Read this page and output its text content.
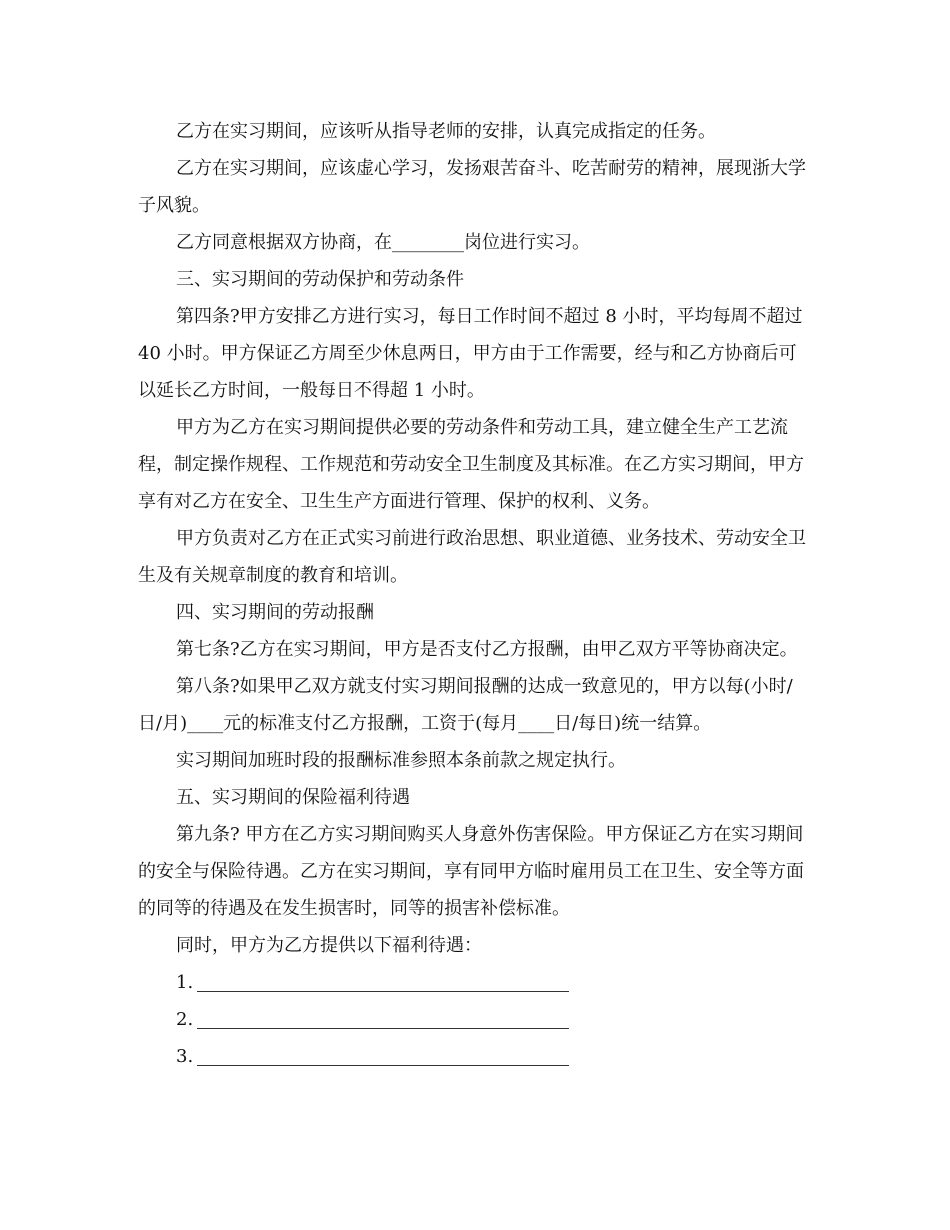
乙方在实习期间，应该听从指导老师的安排，认真完成指定的任务。

乙方在实习期间，应该虚心学习，发扬艰苦奋斗、吃苦耐劳的精神，展现浙大学子风貌。

乙方同意根据双方协商，在________岗位进行实习。

三、实习期间的劳动保护和劳动条件

第四条?甲方安排乙方进行实习，每日工作时间不超过 8 小时，平均每周不超过 40 小时。甲方保证乙方周至少休息两日，甲方由于工作需要，经与和乙方协商后可以延长乙方时间，一般每日不得超 1 小时。

甲方为乙方在实习期间提供必要的劳动条件和劳动工具，建立健全生产工艺流程，制定操作规程、工作规范和劳动安全卫生制度及其标准。在乙方实习期间，甲方享有对乙方在安全、卫生生产方面进行管理、保护的权利、义务。

甲方负责对乙方在正式实习前进行政治思想、职业道德、业务技术、劳动安全卫生及有关规章制度的教育和培训。

四、实习期间的劳动报酬

第七条?乙方在实习期间，甲方是否支付乙方报酬，由甲乙双方平等协商决定。

第八条?如果甲乙双方就支付实习期间报酬的达成一致意见的，甲方以每(小时/日/月)____元的标准支付乙方报酬，工资于(每月____日/每日)统一结算。

实习期间加班时段的报酬标准参照本条前款之规定执行。

五、实习期间的保险福利待遇

第九条? 甲方在乙方实习期间购买人身意外伤害保险。甲方保证乙方在实习期间的安全与保险待遇。乙方在实习期间，享有同甲方临时雇用员工在卫生、安全等方面的同等的待遇及在发生损害时，同等的损害补偿标准。

同时，甲方为乙方提供以下福利待遇：

1.
2.
3.
